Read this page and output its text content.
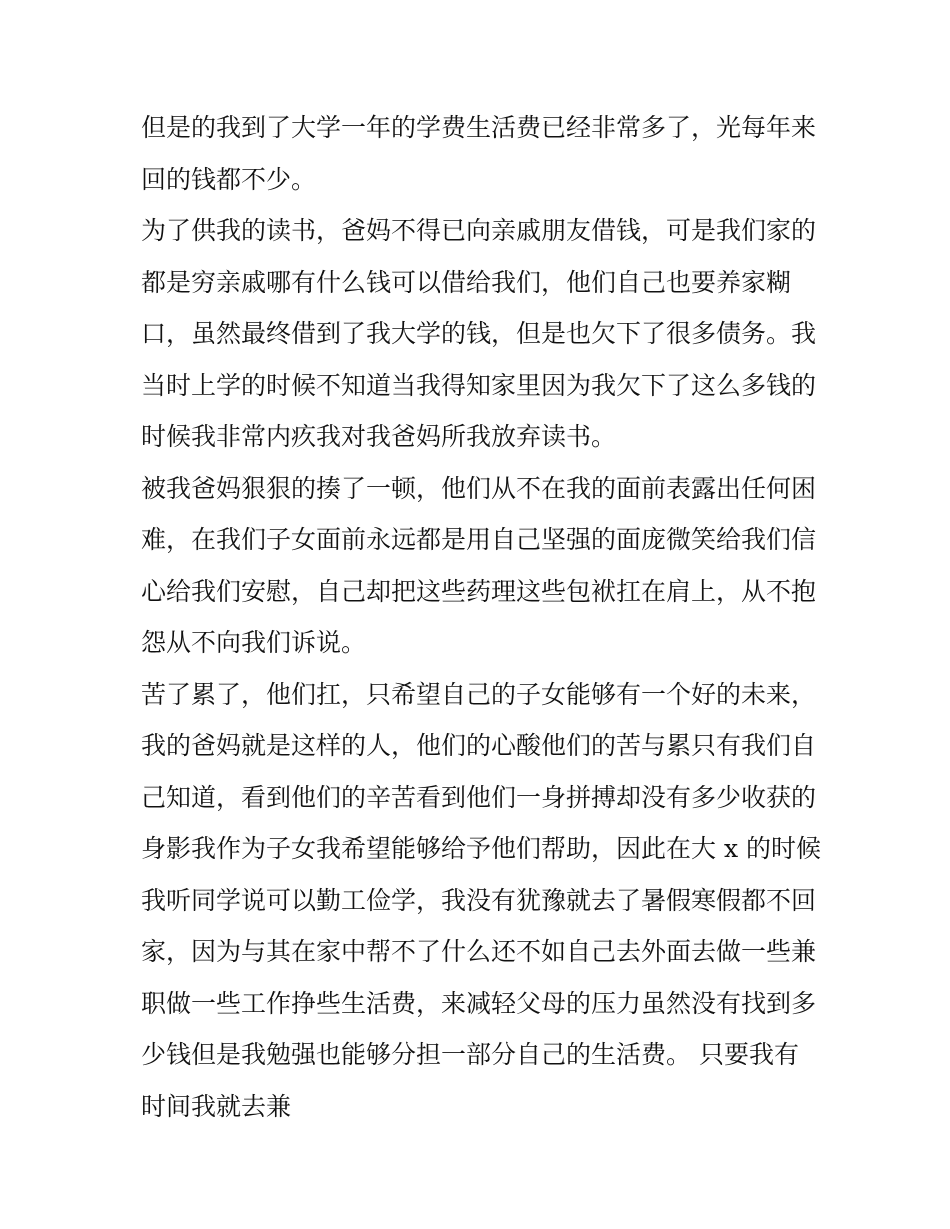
但是的我到了大学一年的学费生活费已经非常多了，光每年来
回的钱都不少。
为了供我的读书，爸妈不得已向亲戚朋友借钱，可是我们家的
都是穷亲戚哪有什么钱可以借给我们，他们自己也要养家糊
口，虽然最终借到了我大学的钱，但是也欠下了很多债务。我
当时上学的时候不知道当我得知家里因为我欠下了这么多钱的
时候我非常内疚我对我爸妈所我放弃读书。
被我爸妈狠狠的揍了一顿，他们从不在我的面前表露出任何困
难，在我们子女面前永远都是用自己坚强的面庞微笑给我们信
心给我们安慰，自己却把这些药理这些包袱扛在肩上，从不抱
怨从不向我们诉说。
苦了累了，他们扛，只希望自己的子女能够有一个好的未来，
我的爸妈就是这样的人，他们的心酸他们的苦与累只有我们自
己知道，看到他们的辛苦看到他们一身拼搏却没有多少收获的
身影我作为子女我希望能够给予他们帮助，因此在大 x 的时候
我听同学说可以勤工俭学，我没有犹豫就去了暑假寒假都不回
家，因为与其在家中帮不了什么还不如自己去外面去做一些兼
职做一些工作挣些生活费，来减轻父母的压力虽然没有找到多
少钱但是我勉强也能够分担一部分自己的生活费。 只要我有
时间我就去兼
